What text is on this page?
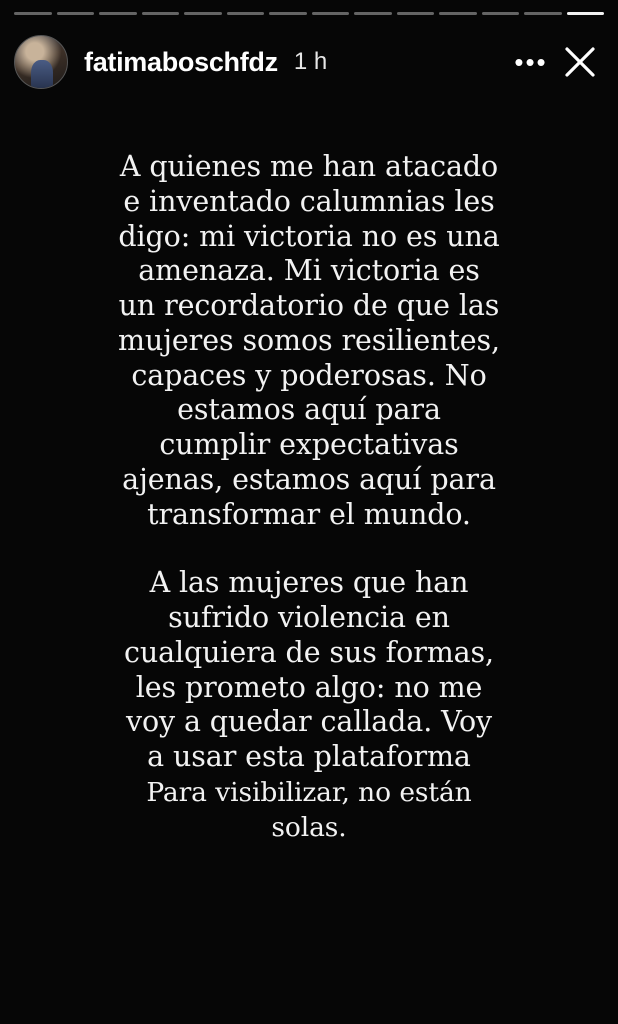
fatimaboschfdz 1 h	•••

A quienes me han atacado e inventado calumnias les digo: mi victoria no es una amenaza. Mi victoria es un recordatorio de que las mujeres somos resilientes, capaces y poderosas. No estamos aquí para cumplir expectativas ajenas, estamos aquí para transformar el mundo.

A las mujeres que han sufrido violencia en cualquiera de sus formas, les prometo algo: no me voy a quedar callada. Voy a usar esta plataforma Para visibilizar, no están solas.
